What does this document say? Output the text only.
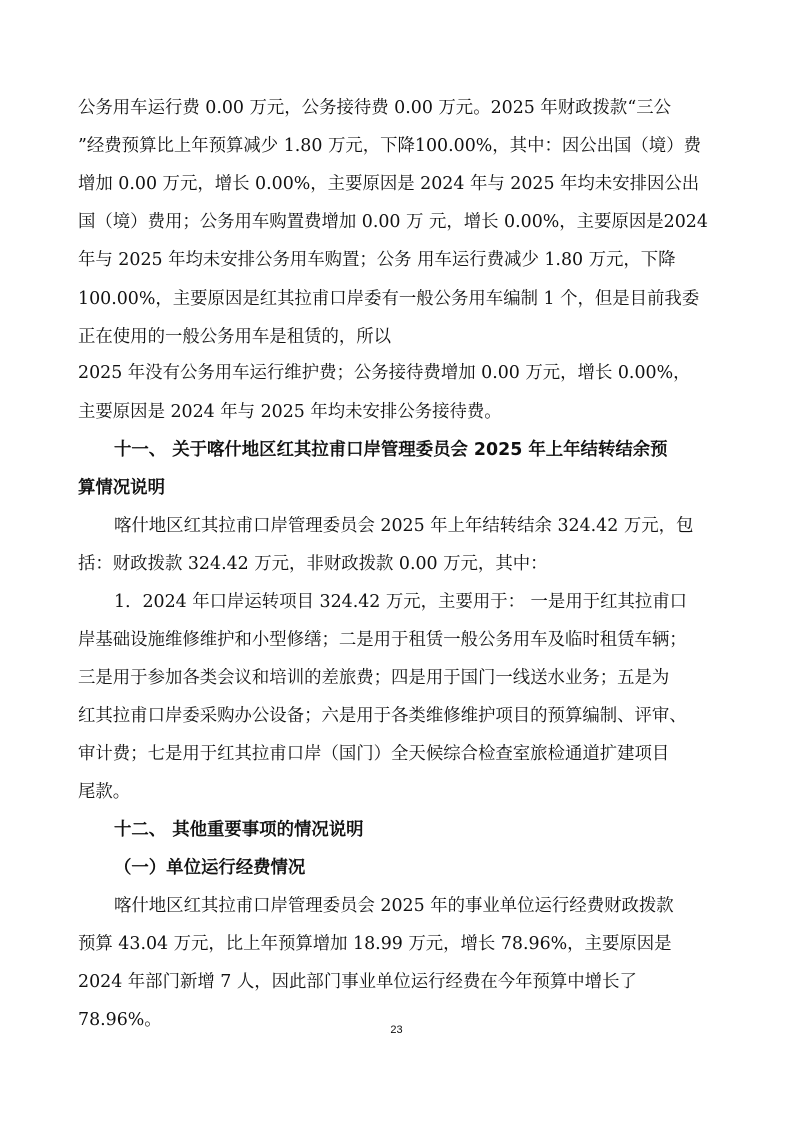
公务用车运行费 0.00 万元，公务接待费 0.00 万元。2025 年财政拨款“三公
”经费预算比上年预算减少 1.80 万元，下降100.00%，其中：因公出国（境）费
增加 0.00 万元，增长 0.00%，主要原因是 2024 年与 2025 年均未安排因公出
国（境）费用；公务用车购置费增加 0.00 万 元，增长 0.00%，主要原因是2024
年与 2025 年均未安排公务用车购置；公务 用车运行费减少 1.80 万元，下降
100.00%，主要原因是红其拉甫口岸委有一般公务用车编制 1 个，但是目前我委
正在使用的一般公务用车是租赁的，所以
2025 年没有公务用车运行维护费；公务接待费增加 0.00 万元，增长 0.00%，
主要原因是 2024 年与 2025 年均未安排公务接待费。
十一、 关于喀什地区红其拉甫口岸管理委员会 2025 年上年结转结余预
算情况说明
喀什地区红其拉甫口岸管理委员会 2025 年上年结转结余 324.42 万元，包
括：财政拨款 324.42 万元，非财政拨款 0.00 万元，其中：
1．2024 年口岸运转项目 324.42 万元，主要用于： 一是用于红其拉甫口
岸基础设施维修维护和小型修缮；二是用于租赁一般公务用车及临时租赁车辆；
三是用于参加各类会议和培训的差旅费；四是用于国门一线送水业务；五是为
红其拉甫口岸委采购办公设备；六是用于各类维修维护项目的预算编制、评审、
审计费；七是用于红其拉甫口岸（国门）全天候综合检查室旅检通道扩建项目
尾款。
十二、 其他重要事项的情况说明
（一）单位运行经费情况
喀什地区红其拉甫口岸管理委员会 2025 年的事业单位运行经费财政拨款
预算 43.04 万元，比上年预算增加 18.99 万元，增长 78.96%，主要原因是
2024 年部门新增 7 人，因此部门事业单位运行经费在今年预算中增长了
78.96%。	23
